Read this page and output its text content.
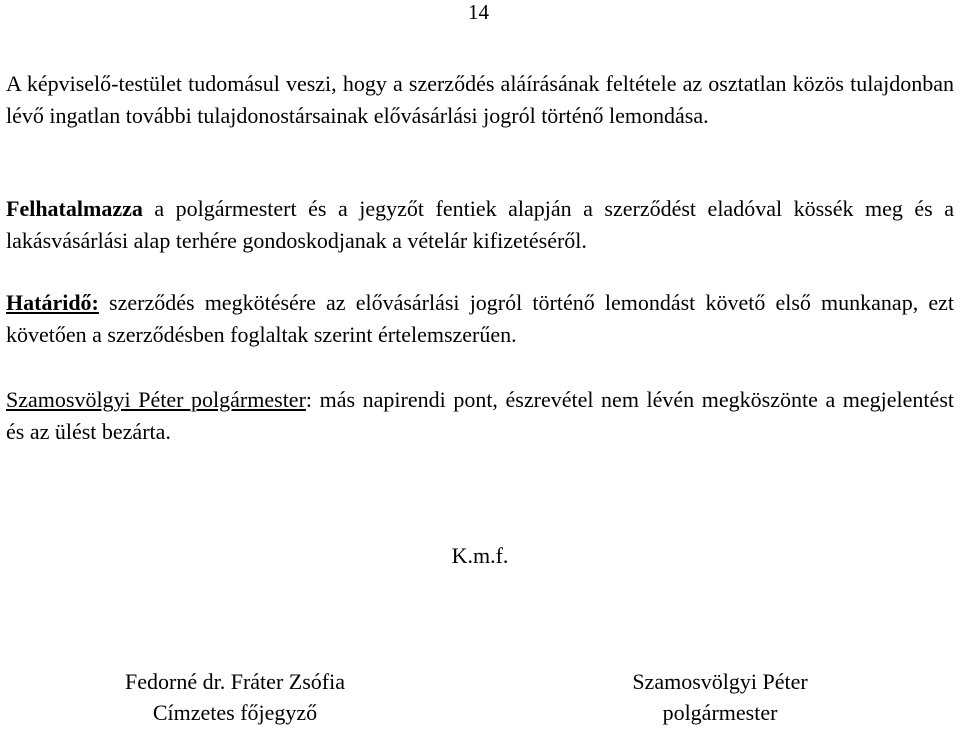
14

A képviselő-testület tudomásul veszi, hogy a szerződés aláírásának feltétele az osztatlan közös tulajdonban lévő ingatlan további tulajdonostársainak elővásárlási jogról történő lemondása.

Felhatalmazza a polgármestert és a jegyzőt fentiek alapján a szerződést eladóval kössék meg és a lakásvásárlási alap terhére gondoskodjanak a vételár kifizetéséről.

Határidő: szerződés megkötésére az elővásárlási jogról történő lemondást követő első munkanap, ezt követően a szerződésben foglaltak szerint értelemszerűen.

Szamosvölgyi Péter polgármester: más napirendi pont, észrevétel nem lévén megköszönte a megjelentést és az ülést bezárta.

K.m.f.
Fedorné dr. Fráter Zsófia
Címzetes főjegyző
Szamosvölgyi Péter
polgármester
